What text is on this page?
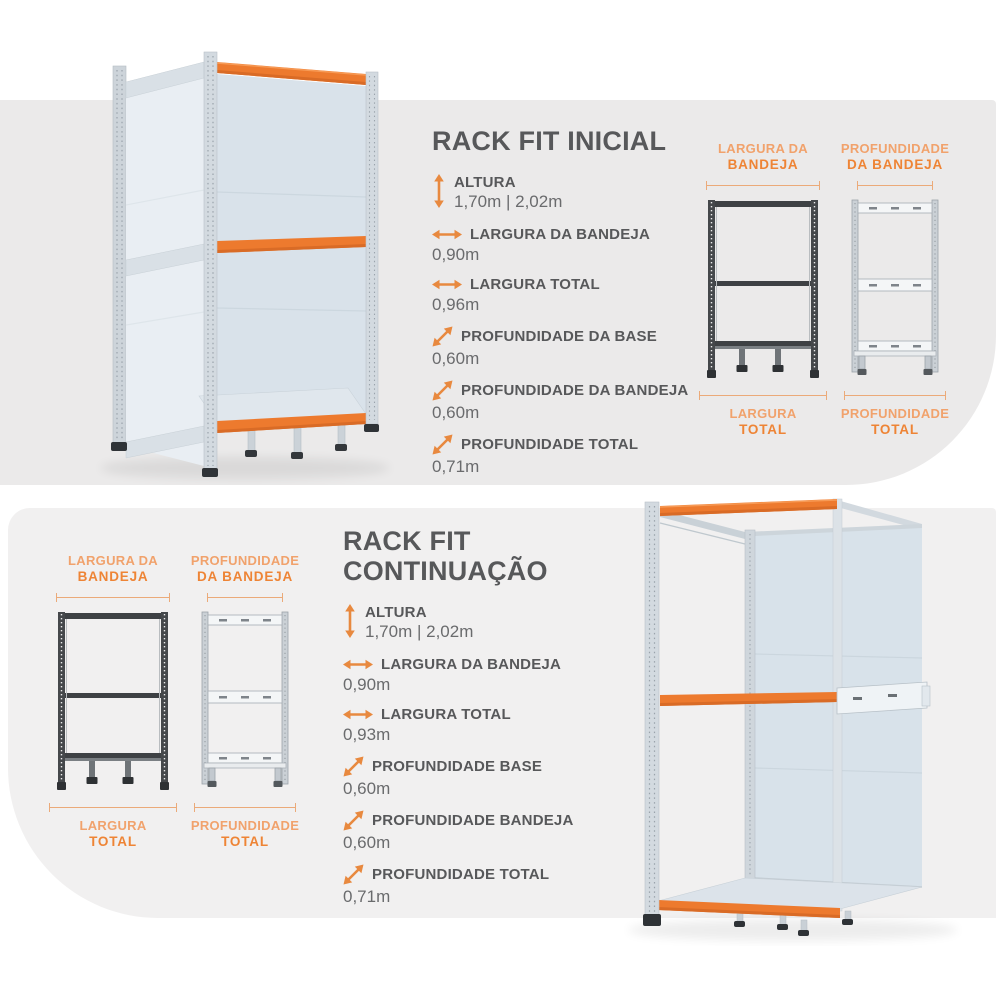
RACK FIT INICIAL
ALTURA
1,70m | 2,02m
LARGURA DA BANDEJA
0,90m
LARGURA TOTAL
0,96m
PROFUNDIDADE DA BASE
0,60m
PROFUNDIDADE DA BANDEJA
0,60m
PROFUNDIDADE TOTAL
0,71m
LARGURA DA
BANDEJA
LARGURA
TOTAL
PROFUNDIDADE
DA BANDEJA
PROFUNDIDADE
TOTAL
LARGURA DA
BANDEJA
LARGURA
TOTAL
PROFUNDIDADE
DA BANDEJA
PROFUNDIDADE
TOTAL
RACK FIT
CONTINUAÇÃO
ALTURA
1,70m | 2,02m
LARGURA DA BANDEJA
0,90m
LARGURA TOTAL
0,93m
PROFUNDIDADE BASE
0,60m
PROFUNDIDADE BANDEJA
0,60m
PROFUNDIDADE TOTAL
0,71m
